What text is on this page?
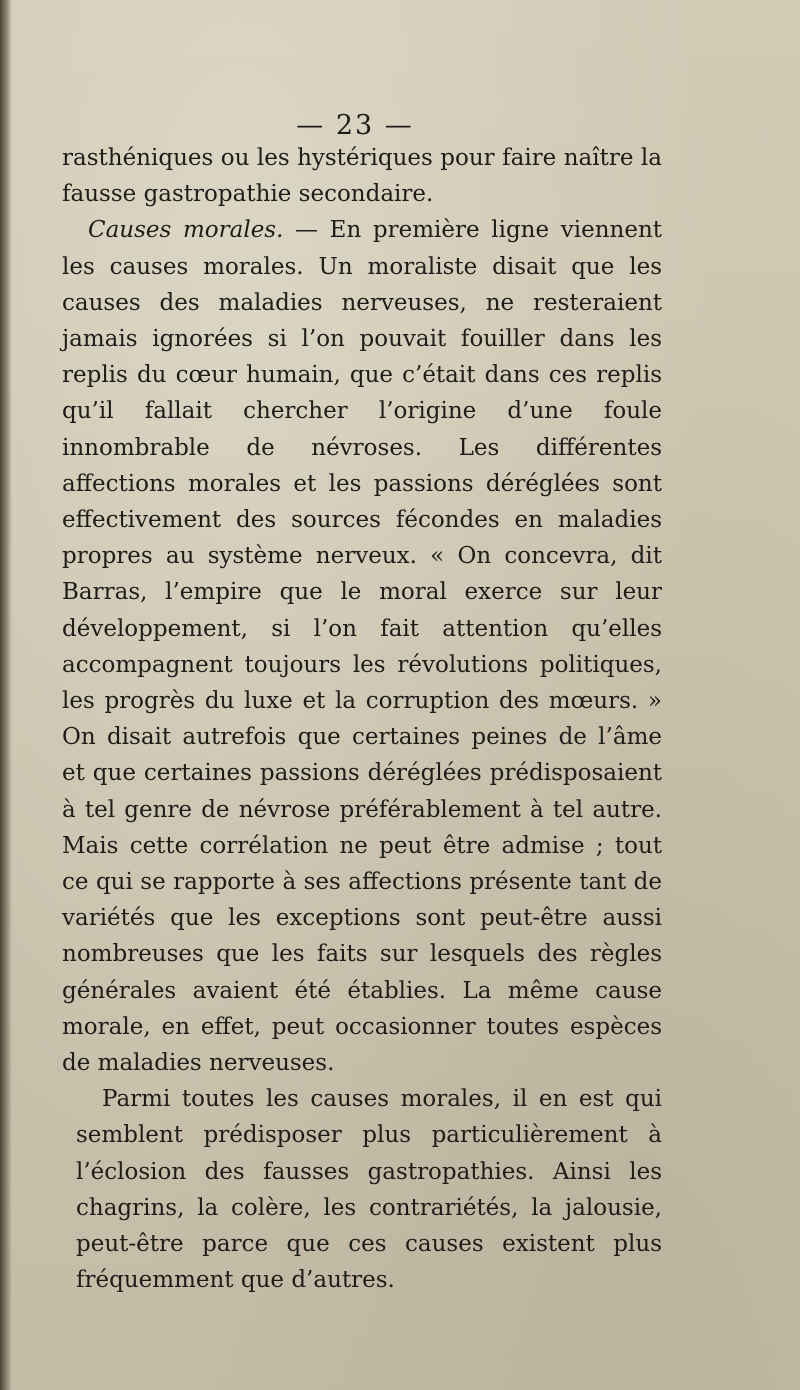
— 23 —

rasthéniques ou les hystériques pour faire naître la fausse gastropathie secondaire.

Causes morales. — En première ligne viennent les causes morales. Un moraliste disait que les causes des maladies nerveuses, ne resteraient jamais ignorées si l’on pouvait fouiller dans les replis du cœur humain, que c’était dans ces replis qu’il fallait chercher l’origine d’une foule innombrable de névroses. Les différentes affections morales et les passions déréglées sont effectivement des sources fécondes en maladies propres au système nerveux. « On concevra, dit Barras, l’empire que le moral exerce sur leur développement, si l’on fait attention qu’elles accompagnent toujours les révolutions politiques, les progrès du luxe et la corruption des mœurs. » On disait autrefois que certaines peines de l’âme et que certaines passions déréglées prédisposaient à tel genre de névrose préférablement à tel autre. Mais cette corrélation ne peut être admise ; tout ce qui se rapporte à ses affections présente tant de variétés que les exceptions sont peut-être aussi nombreuses que les faits sur lesquels des règles générales avaient été établies. La même cause morale, en effet, peut occasionner toutes espèces de maladies nerveuses.

Parmi toutes les causes morales, il en est qui semblent prédisposer plus particulièrement à l’éclosion des fausses gastropathies. Ainsi les chagrins, la colère, les contrariétés, la jalousie, peut-être parce que ces causes existent plus fréquemment que d’autres.
